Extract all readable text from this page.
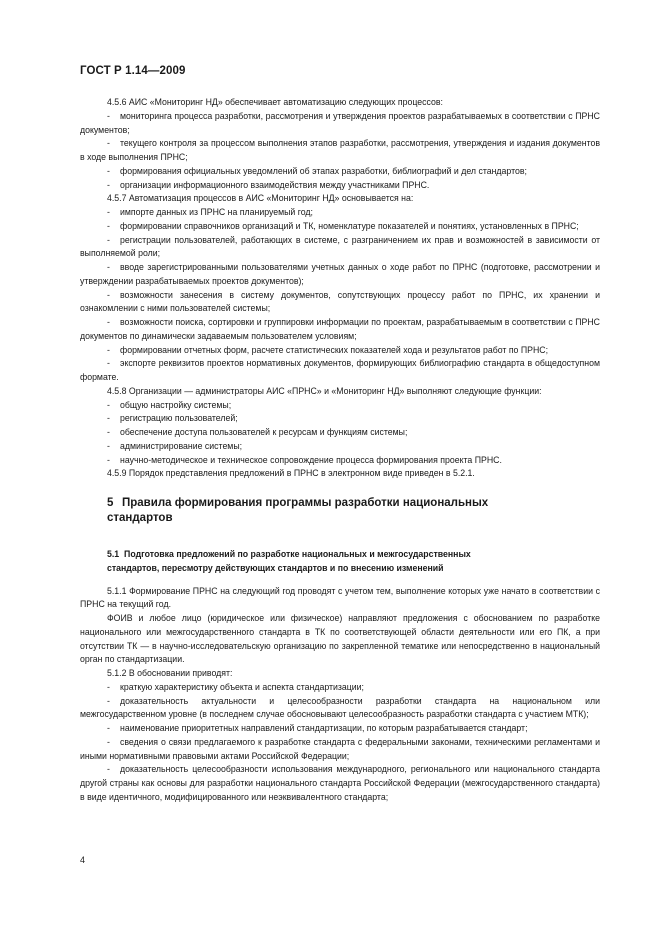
ГОСТ Р 1.14—2009

4.5.6 АИС «Мониторинг НД» обеспечивает автоматизацию следующих процессов:

- мониторинга процесса разработки, рассмотрения и утверждения проектов разрабатываемых в соответствии с ПРНС документов;

- текущего контроля за процессом выполнения этапов разработки, рассмотрения, утверждения и издания документов в ходе выполнения ПРНС;

- формирования официальных уведомлений об этапах разработки, библиографий и дел стандартов;

- организации информационного взаимодействия между участниками ПРНС.

4.5.7 Автоматизация процессов в АИС «Мониторинг НД» основывается на:

- импорте данных из ПРНС на планируемый год;

- формировании справочников организаций и ТК, номенклатуре показателей и понятиях, установленных в ПРНС;

- регистрации пользователей, работающих в системе, с разграничением их прав и возможностей в зависимости от выполняемой роли;

- вводе зарегистрированными пользователями учетных данных о ходе работ по ПРНС (подготовке, рассмотрении и утверждении разрабатываемых проектов документов);

- возможности занесения в систему документов, сопутствующих процессу работ по ПРНС, их хранении и ознакомлении с ними пользователей системы;

- возможности поиска, сортировки и группировки информации по проектам, разрабатываемым в соответствии с ПРНС документов по динамически задаваемым пользователем условиям;

- формировании отчетных форм, расчете статистических показателей хода и результатов работ по ПРНС;

- экспорте реквизитов проектов нормативных документов, формирующих библиографию стандарта в общедоступном формате.

4.5.8 Организации — администраторы АИС «ПРНС» и «Мониторинг НД» выполняют следующие функции:

- общую настройку системы;

- регистрацию пользователей;

- обеспечение доступа пользователей к ресурсам и функциям системы;

- администрирование системы;

- научно-методическое и техническое сопровождение процесса формирования проекта ПРНС.

4.5.9 Порядок представления предложений в ПРНС в электронном виде приведен в 5.2.1.

5 Правила формирования программы разработки национальных
стандартов
5.1 Подготовка предложений по разработке национальных и межгосударственных
стандартов, пересмотру действующих стандартов и по внесению изменений

5.1.1 Формирование ПРНС на следующий год проводят с учетом тем, выполнение которых уже начато в соответствии с ПРНС на текущий год.

ФОИВ и любое лицо (юридическое или физическое) направляют предложения с обоснованием по разработке национального или межгосударственного стандарта в ТК по соответствующей области деятельности или его ПК, а при отсутствии ТК — в научно-исследовательскую организацию по закрепленной тематике или непосредственно в национальный орган по стандартизации.

5.1.2 В обосновании приводят:

- краткую характеристику объекта и аспекта стандартизации;

- доказательность актуальности и целесообразности разработки стандарта на национальном или межгосударственном уровне (в последнем случае обосновывают целесообразность разработки стандарта с участием МТК);

- наименование приоритетных направлений стандартизации, по которым разрабатывается стандарт;

- сведения о связи предлагаемого к разработке стандарта с федеральными законами, техническими регламентами и иными нормативными правовыми актами Российской Федерации;

- доказательность целесообразности использования международного, регионального или национального стандарта другой страны как основы для разработки национального стандарта Российской Федерации (межгосударственного стандарта) в виде идентичного, модифицированного или неэквивалентного стандарта;

4
